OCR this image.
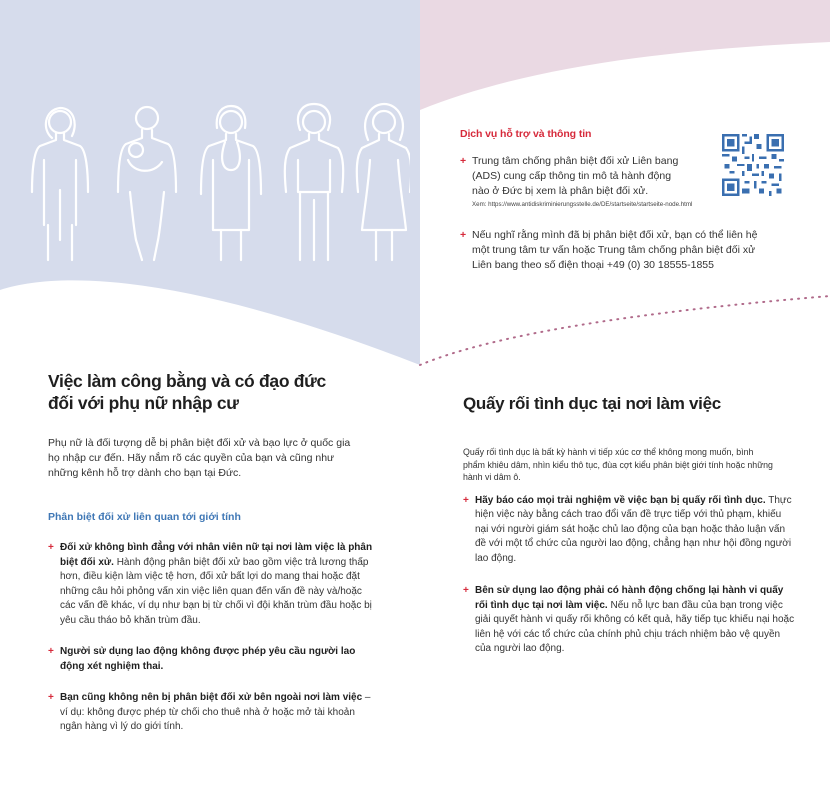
Dịch vụ hỗ trợ và thông tin
+ Trung tâm chống phân biệt đối xử Liên bang (ADS) cung cấp thông tin mô tả hành động nào ở Đức bị xem là phân biệt đối xử.
Xem: https://www.antidiskriminierungsstelle.de/DE/startseite/startseite-node.html
+ Nếu nghĩ rằng mình đã bị phân biệt đối xử, bạn có thể liên hệ một trung tâm tư vấn hoặc Trung tâm chống phân biệt đối xử Liên bang theo số điện thoại +49 (0) 30 18555-1855
Việc làm công bằng và có đạo đức
đối với phụ nữ nhập cư

Phụ nữ là đối tượng dễ bị phân biệt đối xử và bạo lực ở quốc gia họ nhập cư đến. Hãy nắm rõ các quyền của bạn và cũng như những kênh hỗ trợ dành cho bạn tại Đức.

Phân biệt đối xử liên quan tới giới tính
+ Đối xử không bình đẳng với nhân viên nữ tại nơi làm việc là phân biệt đối xử. Hành động phân biệt đối xử bao gồm việc trả lương thấp hơn, điều kiện làm việc tệ hơn, đối xử bất lợi do mang thai hoặc đặt những câu hỏi phỏng vấn xin việc liên quan đến vấn đề này và/hoặc các vấn đề khác, ví dụ như bạn bị từ chối vì đội khăn trùm đầu hoặc bị yêu cầu tháo bỏ khăn trùm đầu.
+ Người sử dụng lao động không được phép yêu cầu người lao động xét nghiệm thai.
+ Bạn cũng không nên bị phân biệt đối xử bên ngoài nơi làm việc – ví dụ: không được phép từ chối cho thuê nhà ở hoặc mở tài khoản ngân hàng vì lý do giới tính.
Quấy rối tình dục tại nơi làm việc

Quấy rối tình dục là bất kỳ hành vi tiếp xúc cơ thể không mong muốn, bình phẩm khiêu dâm, nhìn kiểu thô tục, đùa cợt kiểu phân biệt giới tính hoặc những hành vi dâm ô.

+ Hãy báo cáo mọi trải nghiệm về việc bạn bị quấy rối tình dục. Thực hiện việc này bằng cách trao đổi vấn đề trực tiếp với thủ phạm, khiếu nại với người giám sát hoặc chủ lao động của bạn hoặc thảo luận vấn đề với một tổ chức của người lao động, chẳng hạn như hội đồng người lao động.
+ Bên sử dụng lao động phải có hành động chống lại hành vi quấy rối tình dục tại nơi làm việc. Nếu nỗ lực ban đầu của bạn trong việc giải quyết hành vi quấy rối không có kết quả, hãy tiếp tục khiếu nại hoặc liên hệ với các tổ chức của chính phủ chịu trách nhiệm bảo vệ quyền của người lao động.
